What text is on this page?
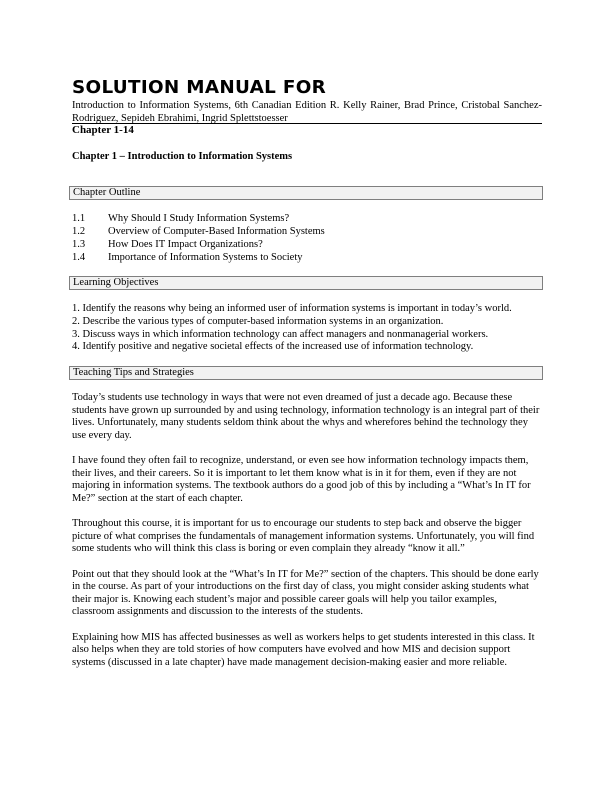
SOLUTION MANUAL FOR
Introduction to Information Systems, 6th Canadian Edition R. Kelly Rainer, Brad Prince, Cristobal Sanchez-Rodriguez, Sepideh Ebrahimi, Ingrid Splettstoesser
Chapter 1-14
Chapter 1 – Introduction to Information Systems
Chapter Outline
1.1	Why Should I Study Information Systems?
1.2	Overview of Computer-Based Information Systems
1.3	How Does IT Impact Organizations?
1.4	Importance of Information Systems to Society
Learning Objectives
1. Identify the reasons why being an informed user of information systems is important in today’s world.
2. Describe the various types of computer-based information systems in an organization.
3. Discuss ways in which information technology can affect managers and nonmanagerial workers.
4. Identify positive and negative societal effects of the increased use of information technology.
Teaching Tips and Strategies

Today’s students use technology in ways that were not even dreamed of just a decade ago. Because these students have grown up surrounded by and using technology, information technology is an integral part of their lives. Unfortunately, many students seldom think about the whys and wherefores behind the technology they use every day.

I have found they often fail to recognize, understand, or even see how information technology impacts them, their lives, and their careers. So it is important to let them know what is in it for them, even if they are not majoring in information systems. The textbook authors do a good job of this by including a “What’s In IT for Me?” section at the start of each chapter.

Throughout this course, it is important for us to encourage our students to step back and observe the bigger picture of what comprises the fundamentals of management information systems. Unfortunately, you will find some students who will think this class is boring or even complain they already “know it all.”

Point out that they should look at the “What’s In IT for Me?” section of the chapters. This should be done early in the course. As part of your introductions on the first day of class, you might consider asking students what their major is. Knowing each student’s major and possible career goals will help you tailor examples, classroom assignments and discussion to the interests of the students.

Explaining how MIS has affected businesses as well as workers helps to get students interested in this class. It also helps when they are told stories of how computers have evolved and how MIS and decision support systems (discussed in a late chapter) have made management decision-making easier and more reliable.
